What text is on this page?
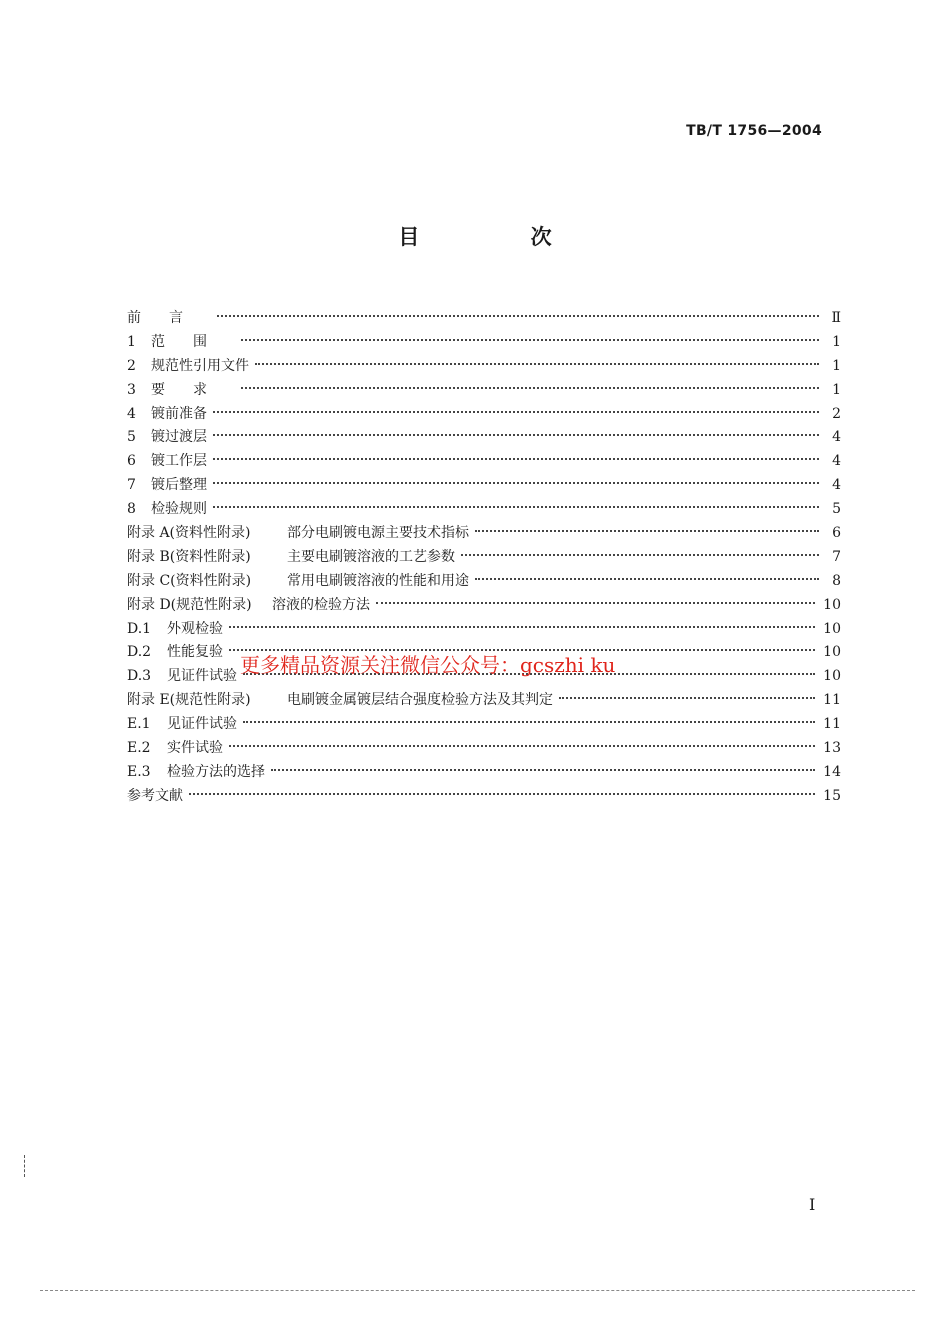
TB/T 1756—2004
目 次
前言	Ⅱ
1	范围	1
2	规范性引用文件	1
3	要求	1
4	镀前准备	2
5	镀过渡层	4
6	镀工作层	4
7	镀后整理	4
8	检验规则	5
附录 A(资料性附录)	部分电刷镀电源主要技术指标	6
附录 B(资料性附录)	主要电刷镀溶液的工艺参数	7
附录 C(资料性附录)	常用电刷镀溶液的性能和用途	8
附录 D(规范性附录)	溶液的检验方法	10
D.1	外观检验	10
D.2	性能复验	10
D.3	见证件试验	10
附录 E(规范性附录)	电刷镀金属镀层结合强度检验方法及其判定	11
E.1	见证件试验	11
E.2	实件试验	13
E.3	检验方法的选择	14
参考文献	15
更多精品资源关注微信公众号：gcszhi ku
I
